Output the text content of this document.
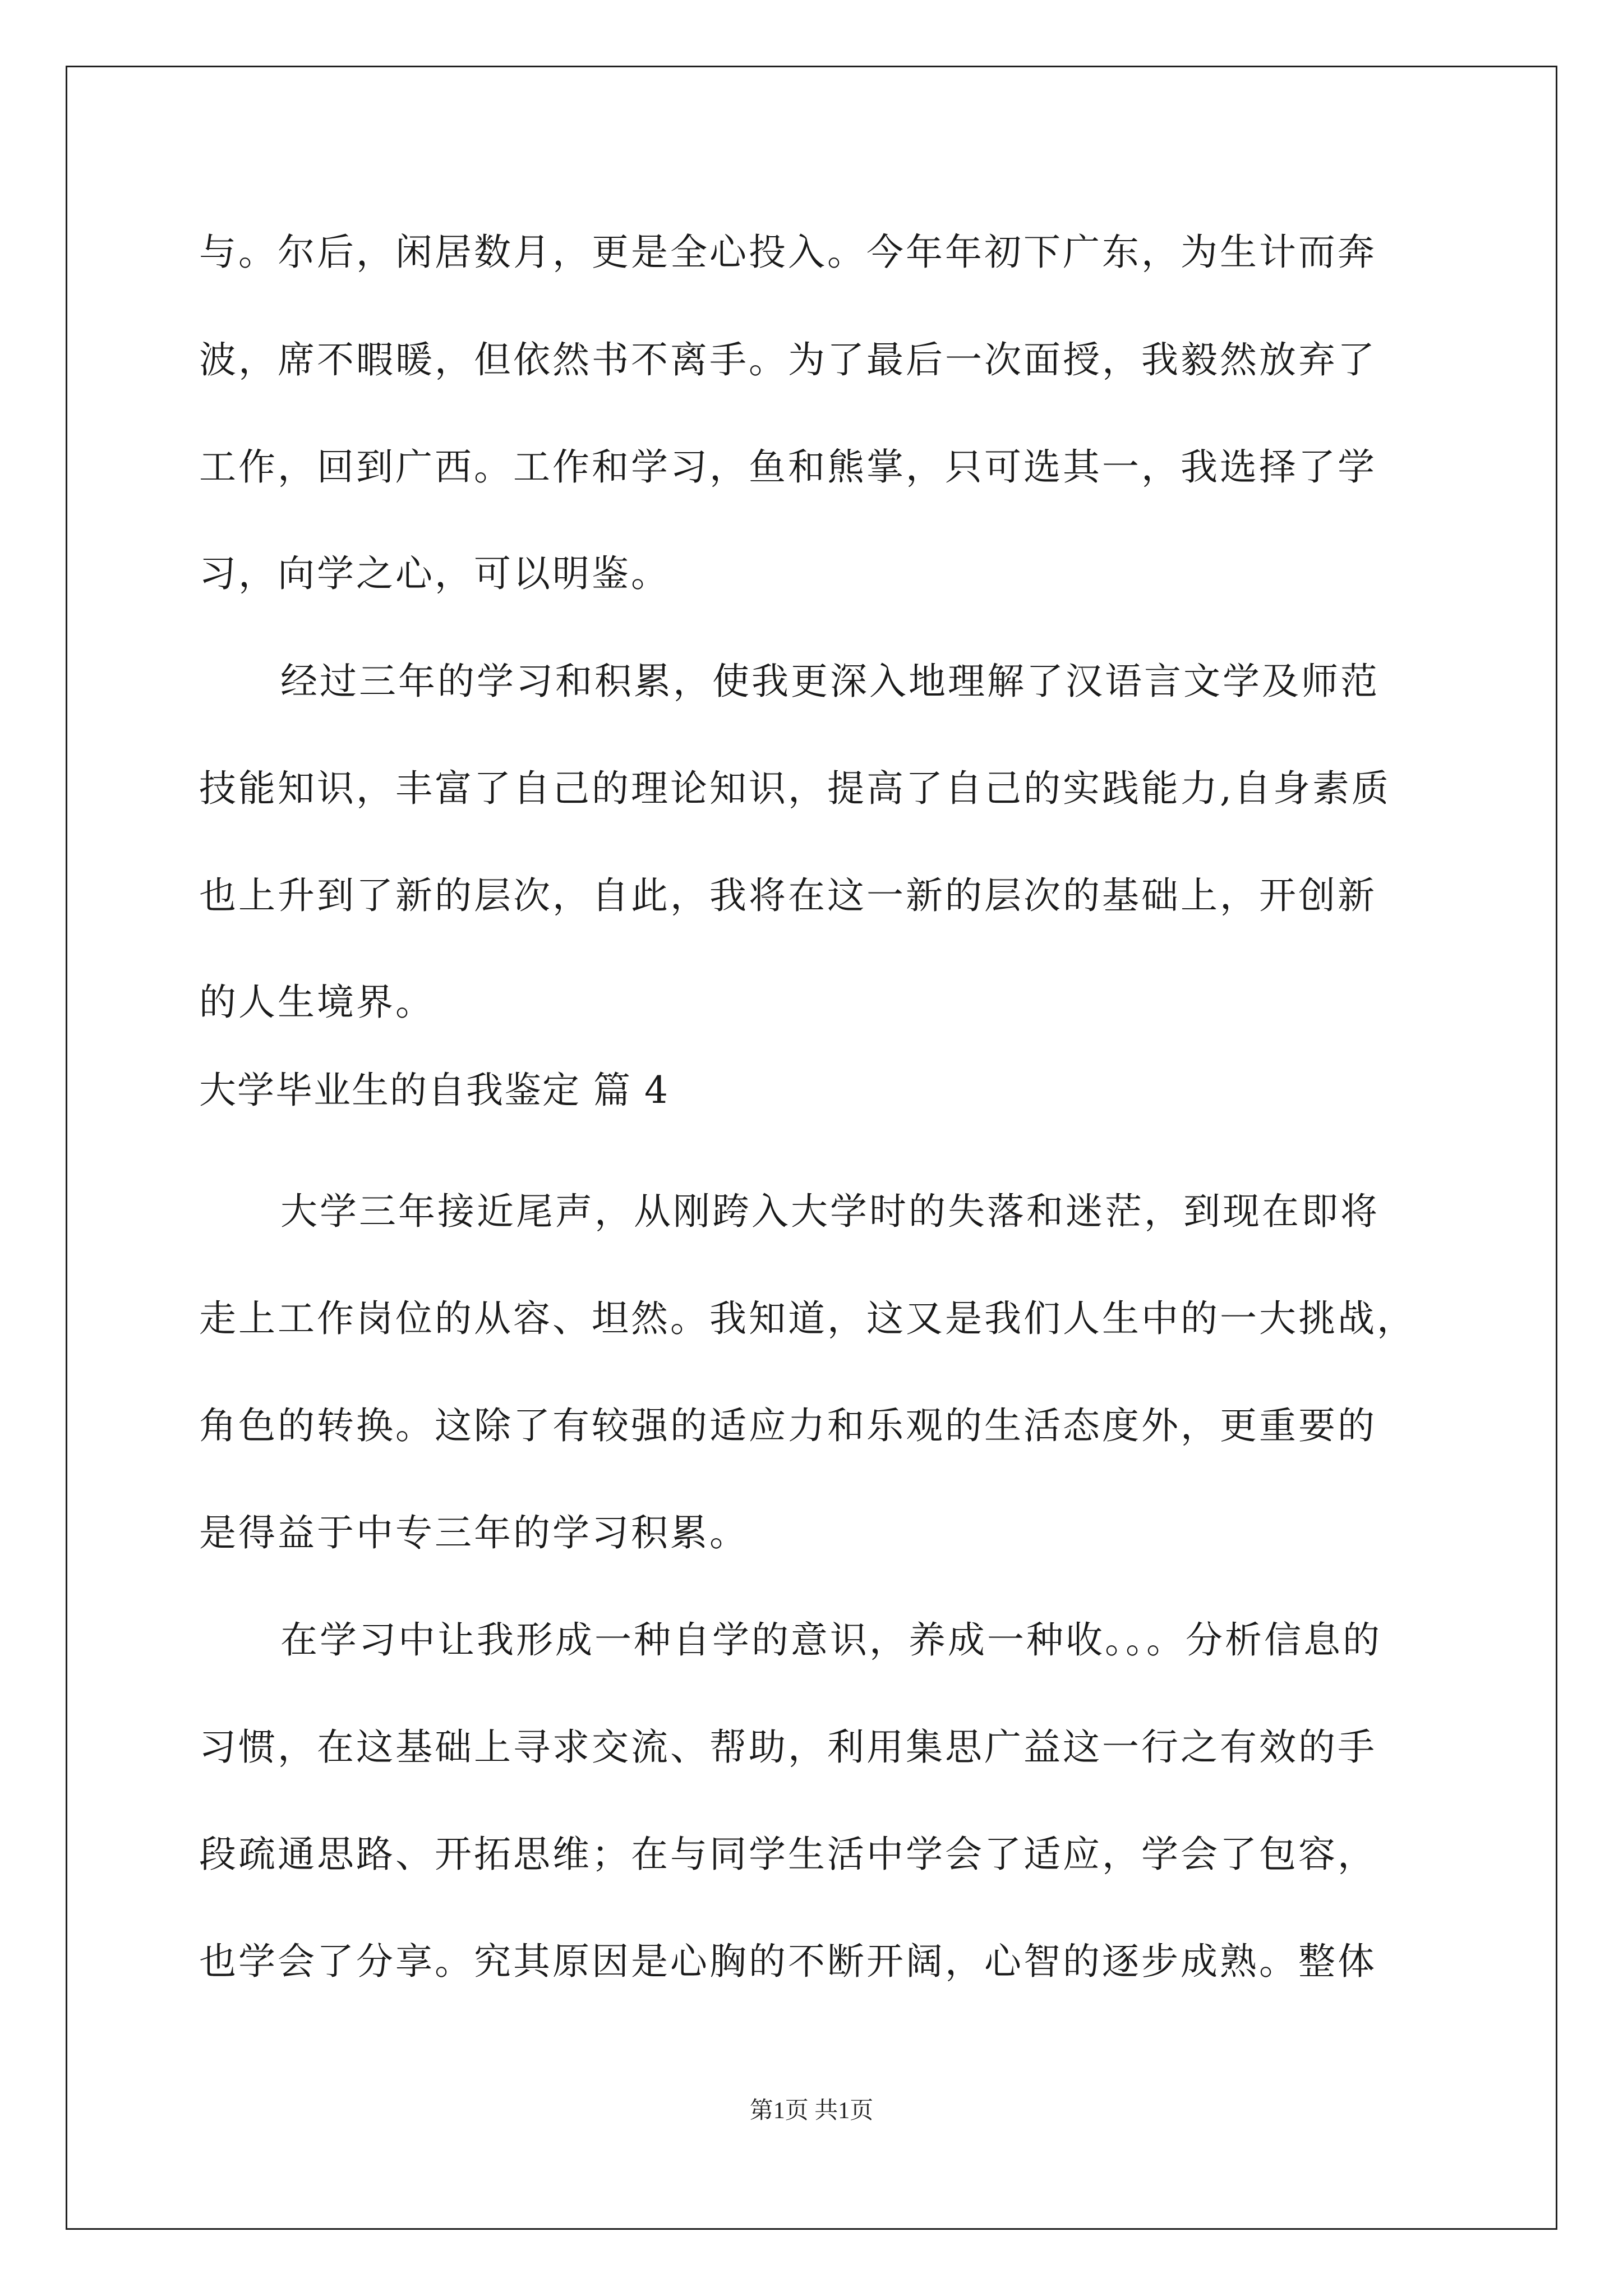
与。尔后，闲居数月，更是全心投入。今年年初下广东，为生计而奔
波，席不暇暖，但依然书不离手。为了最后一次面授，我毅然放弃了
工作，回到广西。工作和学习，鱼和熊掌，只可选其一，我选择了学
习，向学之心，可以明鉴。
经过三年的学习和积累，使我更深入地理解了汉语言文学及师范
技能知识，丰富了自己的理论知识，提高了自己的实践能力,自身素质
也上升到了新的层次，自此，我将在这一新的层次的基础上，开创新
的人生境界。
大学毕业生的自我鉴定 篇 4
大学三年接近尾声，从刚跨入大学时的失落和迷茫，到现在即将
走上工作岗位的从容、坦然。我知道，这又是我们人生中的一大挑战，
角色的转换。这除了有较强的适应力和乐观的生活态度外，更重要的
是得益于中专三年的学习积累。
在学习中让我形成一种自学的意识，养成一种收。。。分析信息的
习惯，在这基础上寻求交流、帮助，利用集思广益这一行之有效的手
段疏通思路、开拓思维；在与同学生活中学会了适应，学会了包容，
也学会了分享。究其原因是心胸的不断开阔，心智的逐步成熟。整体
第1页 共1页
